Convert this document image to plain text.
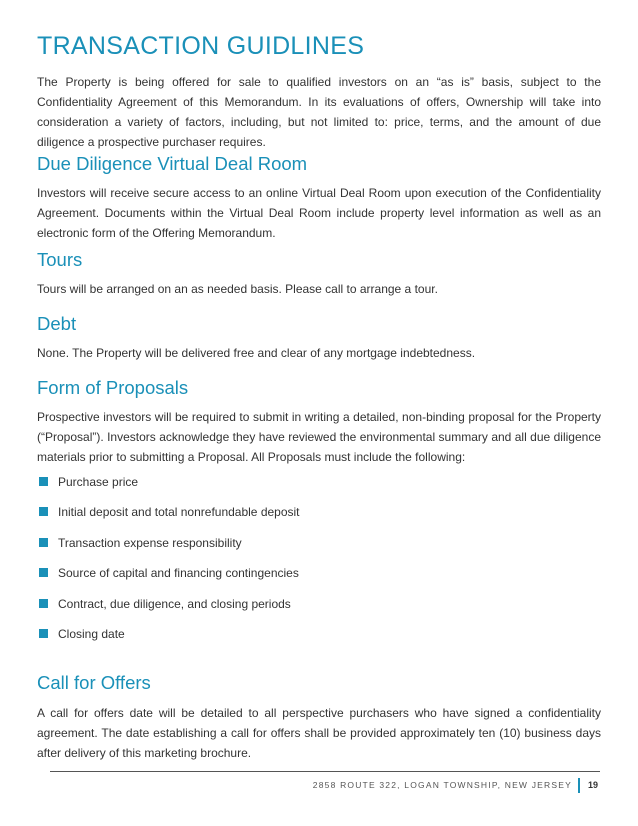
TRANSACTION GUIDLINES

The Property is being offered for sale to qualified investors on an “as is” basis, subject to the Confidentiality Agreement of this Memorandum. In its evaluations of offers, Ownership will take into consideration a variety of factors, including, but not limited to: price, terms, and the amount of due diligence a prospective purchaser requires.

Due Diligence Virtual Deal Room

Investors will receive secure access to an online Virtual Deal Room upon execution of the Confidentiality Agreement. Documents within the Virtual Deal Room include property level information as well as an electronic form of the Offering Memorandum.

Tours

Tours will be arranged on an as needed basis. Please call to arrange a tour.

Debt

None. The Property will be delivered free and clear of any mortgage indebtedness.

Form of Proposals

Prospective investors will be required to submit in writing a detailed, non-binding proposal for the Property (“Proposal”). Investors acknowledge they have reviewed the environmental summary and all due diligence materials prior to submitting a Proposal. All Proposals must include the following:

Purchase price
Initial deposit and total nonrefundable deposit
Transaction expense responsibility
Source of capital and financing contingencies
Contract, due diligence, and closing periods
Closing date
Call for Offers

A call for offers date will be detailed to all perspective purchasers who have signed a confidentiality agreement. The date establishing a call for offers shall be provided approximately ten (10) business days after delivery of this marketing brochure.

2858 ROUTE 322, LOGAN TOWNSHIP, NEW JERSEY 19
